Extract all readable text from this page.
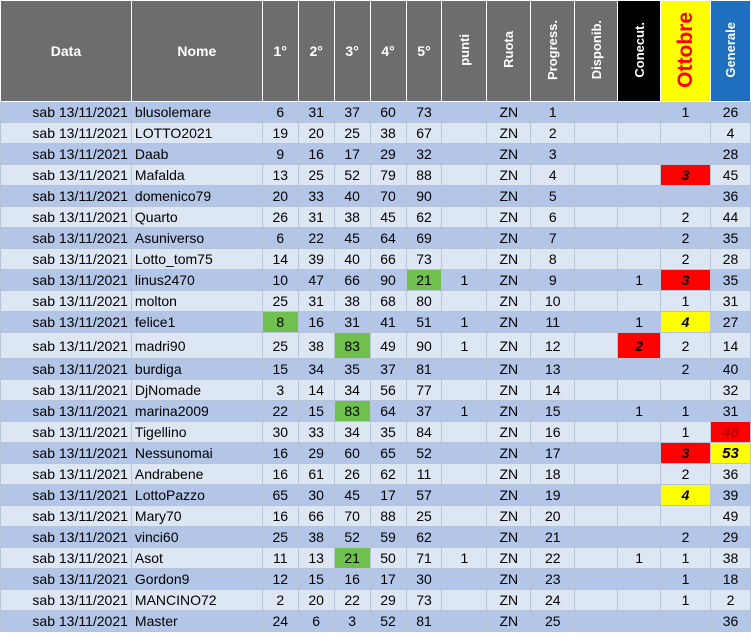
Data	Nome	1°	2°	3°	4°	5°	punti	Ruota	Progress.	Disponib.	Conecut.	Ottobre	Generale
sab 13/11/2021	blusolemare	6	31	37	60	73		ZN	1			1	26
sab 13/11/2021	LOTTO2021	19	20	25	38	67		ZN	2				4
sab 13/11/2021	Daab	9	16	17	29	32		ZN	3				28
sab 13/11/2021	Mafalda	13	25	52	79	88		ZN	4			3	45
sab 13/11/2021	domenico79	20	33	40	70	90		ZN	5				36
sab 13/11/2021	Quarto	26	31	38	45	62		ZN	6			2	44
sab 13/11/2021	Asuniverso	6	22	45	64	69		ZN	7			2	35
sab 13/11/2021	Lotto_tom75	14	39	40	66	73		ZN	8			2	28
sab 13/11/2021	linus2470	10	47	66	90	21	1	ZN	9		1	3	35
sab 13/11/2021	molton	25	31	38	68	80		ZN	10			1	31
sab 13/11/2021	felice1	8	16	31	41	51	1	ZN	11		1	4	27
sab 13/11/2021	madri90	25	38	83	49	90	1	ZN	12		2	2	14
sab 13/11/2021	burdiga	15	34	35	37	81		ZN	13			2	40
sab 13/11/2021	DjNomade	3	14	34	56	77		ZN	14				32
sab 13/11/2021	marina2009	22	15	83	64	37	1	ZN	15		1	1	31
sab 13/11/2021	Tigellino	30	33	34	35	84		ZN	16			1	48
sab 13/11/2021	Nessunomai	16	29	60	65	52		ZN	17			3	53
sab 13/11/2021	Andrabene	16	61	26	62	11		ZN	18			2	36
sab 13/11/2021	LottoPazzo	65	30	45	17	57		ZN	19			4	39
sab 13/11/2021	Mary70	16	66	70	88	25		ZN	20				49
sab 13/11/2021	vinci60	25	38	52	59	62		ZN	21			2	29
sab 13/11/2021	Asot	11	13	21	50	71	1	ZN	22		1	1	38
sab 13/11/2021	Gordon9	12	15	16	17	30		ZN	23			1	18
sab 13/11/2021	MANCINO72	2	20	22	29	73		ZN	24			1	2
sab 13/11/2021	Master	24	6	3	52	81		ZN	25				36
